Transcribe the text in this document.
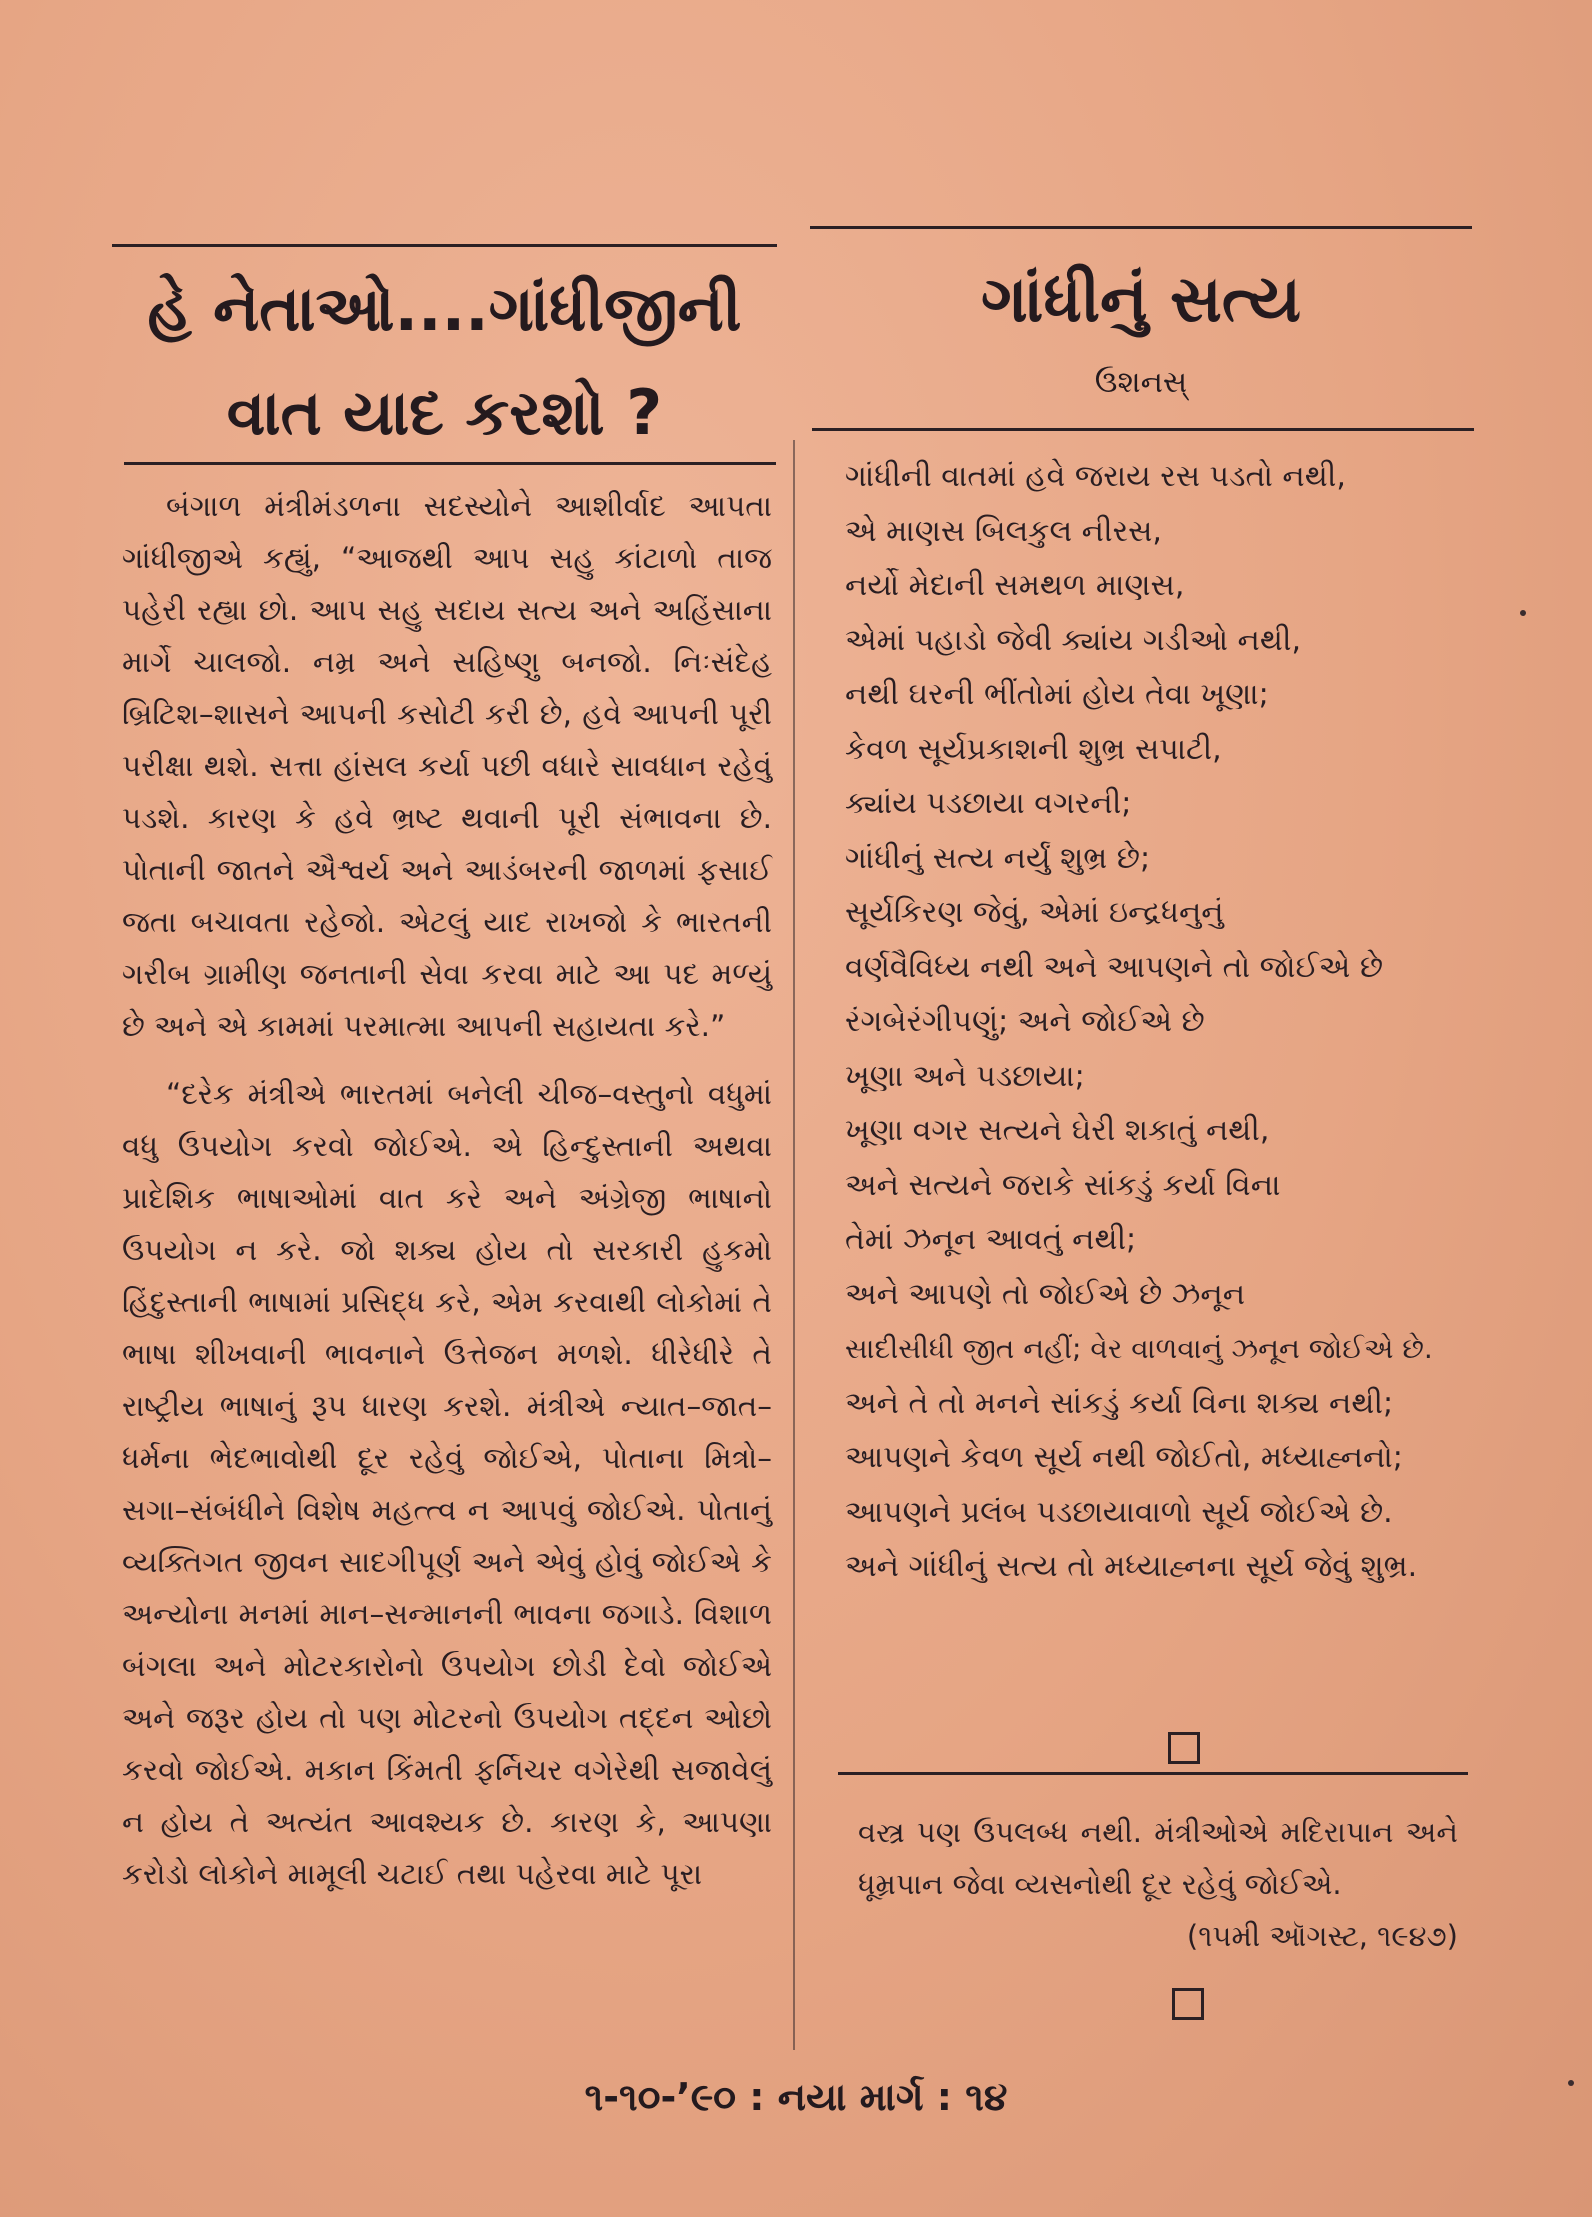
હે નેતાઓ....ગાંધીજીની
વાત યાદ કરશો ?
ગાંધીનું સત્ય
ઉશનસ્

બંગાળ મંત્રીમંડળના સદસ્યોને આશીર્વાદ આપતા ગાંધીજીએ કહ્યું, “આજથી આપ સહુ કાંટાળો તાજ પહેરી રહ્યા છો. આપ સહુ સદાય સત્ય અને અહિંસાના માર્ગે ચાલજો. નમ્ર અને સહિષ્ણુ બનજો. નિઃસંદેહ બ્રિટિશ–શાસને આપની કસોટી કરી છે, હવે આપની પૂરી પરીક્ષા થશે. સત્તા હાંસલ કર્યા પછી વધારે સાવધાન રહેવું પડશે. કારણ કે હવે ભ્રષ્ટ થવાની પૂરી સંભાવના છે. પોતાની જાતને ઐશ્વર્ય અને આડંબરની જાળમાં ફસાઈ જતા બચાવતા રહેજો. એટલું યાદ રાખજો કે ભારતની ગરીબ ગ્રામીણ જનતાની સેવા કરવા માટે આ પદ મળ્યું છે અને એ કામમાં પરમાત્મા આપની સહાયતા કરે.”

“દરેક મંત્રીએ ભારતમાં બનેલી ચીજ–વસ્તુનો વધુમાં વધુ ઉપયોગ કરવો જોઈએ. એ હિન્દુસ્તાની અથવા પ્રાદેશિક ભાષાઓમાં વાત કરે અને અંગ્રેજી ભાષાનો ઉપયોગ ન કરે. જો શક્ય હોય તો સરકારી હુકમો હિંદુસ્તાની ભાષામાં પ્રસિદ્ધ કરે, એમ કરવાથી લોકોમાં તે ભાષા શીખવાની ભાવનાને ઉત્તેજન મળશે. ધીરેધીરે તે રાષ્ટ્રીય ભાષાનું રૂપ ધારણ કરશે. મંત્રીએ ન્યાત–જાત–ધર્મના ભેદભાવોથી દૂર રહેવું જોઈએ, પોતાના મિત્રો–સગા–સંબંધીને વિશેષ મહત્ત્વ ન આપવું જોઈએ. પોતાનું વ્યક્તિગત જીવન સાદગીપૂર્ણ અને એવું હોવું જોઈએ કે અન્યોના મનમાં માન–સન્માનની ભાવના જગાડે. વિશાળ બંગલા અને મોટરકારોનો ઉપયોગ છોડી દેવો જોઈએ અને જરૂર હોય તો પણ મોટરનો ઉપયોગ તદ્દન ઓછો કરવો જોઈએ. મકાન કિંમતી ફર્નિચર વગેરેથી સજાવેલું ન હોય તે અત્યંત આવશ્યક છે. કારણ કે, આપણા કરોડો લોકોને મામૂલી ચટાઈ તથા પહેરવા માટે પૂરા

ગાંધીની વાતમાં હવે જરાય રસ પડતો નથી,
એ માણસ બિલકુલ નીરસ,
નર્યો મેદાની સમથળ માણસ,
એમાં પહાડો જેવી ક્યાંય ગડીઓ નથી,
નથી ઘરની ભીંતોમાં હોય તેવા ખૂણા;
કેવળ સૂર્યપ્રકાશની શુભ્ર સપાટી,
ક્યાંય પડછાયા વગરની;
ગાંધીનું સત્ય નર્યું શુભ્ર છે;
સૂર્યકિરણ જેવું, એમાં ઇન્દ્રધનુનું
વર્ણવૈવિધ્ય નથી અને આપણને તો જોઈએ છે
રંગબેરંગીપણું; અને જોઈએ છે
ખૂણા અને પડછાયા;
ખૂણા વગર સત્યને ઘેરી શકાતું નથી,
અને સત્યને જરાકે સાંકડું કર્યા વિના
તેમાં ઝનૂન આવતું નથી;
અને આપણે તો જોઈએ છે ઝનૂન
સાદીસીધી જીત નહીં; વેર વાળવાનું ઝનૂન જોઈએ છે.
અને તે તો મનને સાંકડું કર્યા વિના શક્ય નથી;
આપણને કેવળ સૂર્ય નથી જોઈતો, મધ્યાહ્નનો;
આપણને પ્રલંબ પડછાયાવાળો સૂર્ય જોઈએ છે.
અને ગાંધીનું સત્ય તો મધ્યાહ્નના સૂર્ય જેવું શુભ્ર.

વસ્ત્ર પણ ઉપલબ્ધ નથી. મંત્રીઓએ મદિરાપાન અને ધૂમ્રપાન જેવા વ્યસનોથી દૂર રહેવું જોઈએ.

(૧૫મી ઑગસ્ટ, ૧૯૪૭)
૧-૧૦-’૯૦ : નયા માર્ગ : ૧૪
